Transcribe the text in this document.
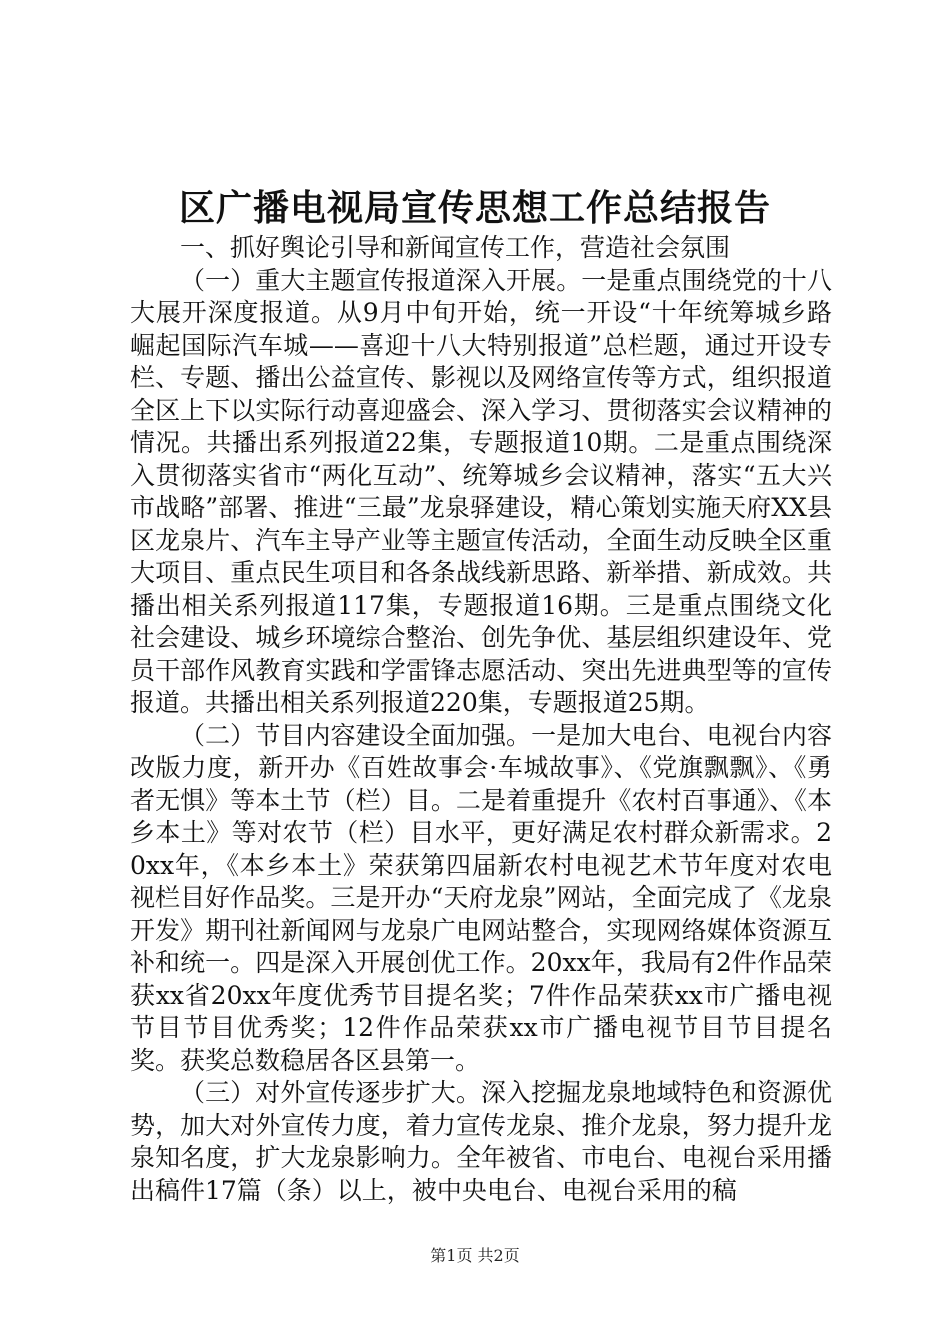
区广播电视局宣传思想工作总结报告

一、抓好舆论引导和新闻宣传工作，营造社会氛围

（一）重大主题宣传报道深入开展。一是重点围绕党的十八大展开深度报道。从9月中旬开始，统一开设“十年统筹城乡路崛起国际汽车城——喜迎十八大特别报道”总栏题，通过开设专栏、专题、播出公益宣传、影视以及网络宣传等方式，组织报道全区上下以实际行动喜迎盛会、深入学习、贯彻落实会议精神的情况。共播出系列报道22集，专题报道10期。二是重点围绕深入贯彻落实省市“两化互动”、统筹城乡会议精神，落实“五大兴市战略”部署、推进“三最”龙泉驿建设，精心策划实施天府XX县区龙泉片、汽车主导产业等主题宣传活动，全面生动反映全区重大项目、重点民生项目和各条战线新思路、新举措、新成效。共播出相关系列报道117集，专题报道16期。三是重点围绕文化社会建设、城乡环境综合整治、创先争优、基层组织建设年、党员干部作风教育实践和学雷锋志愿活动、突出先进典型等的宣传报道。共播出相关系列报道220集，专题报道25期。

（二）节目内容建设全面加强。一是加大电台、电视台内容改版力度，新开办《百姓故事会·车城故事》、《党旗飘飘》、《勇者无惧》等本土节（栏）目。二是着重提升《农村百事通》、《本乡本土》等对农节（栏）目水平，更好满足农村群众新需求。20xx年，《本乡本土》荣获第四届新农村电视艺术节年度对农电视栏目好作品奖。三是开办“天府龙泉”网站，全面完成了《龙泉开发》期刊社新闻网与龙泉广电网站整合，实现网络媒体资源互补和统一。四是深入开展创优工作。20xx年，我局有2件作品荣获xx省20xx年度优秀节目提名奖；7件作品荣获xx市广播电视节目节目优秀奖；12件作品荣获xx市广播电视节目节目提名奖。获奖总数稳居各区县第一。

（三）对外宣传逐步扩大。深入挖掘龙泉地域特色和资源优势，加大对外宣传力度，着力宣传龙泉、推介龙泉，努力提升龙泉知名度，扩大龙泉影响力。全年被省、市电台、电视台采用播出稿件17篇（条）以上，被中央电台、电视台采用的稿

第1页 共2页
